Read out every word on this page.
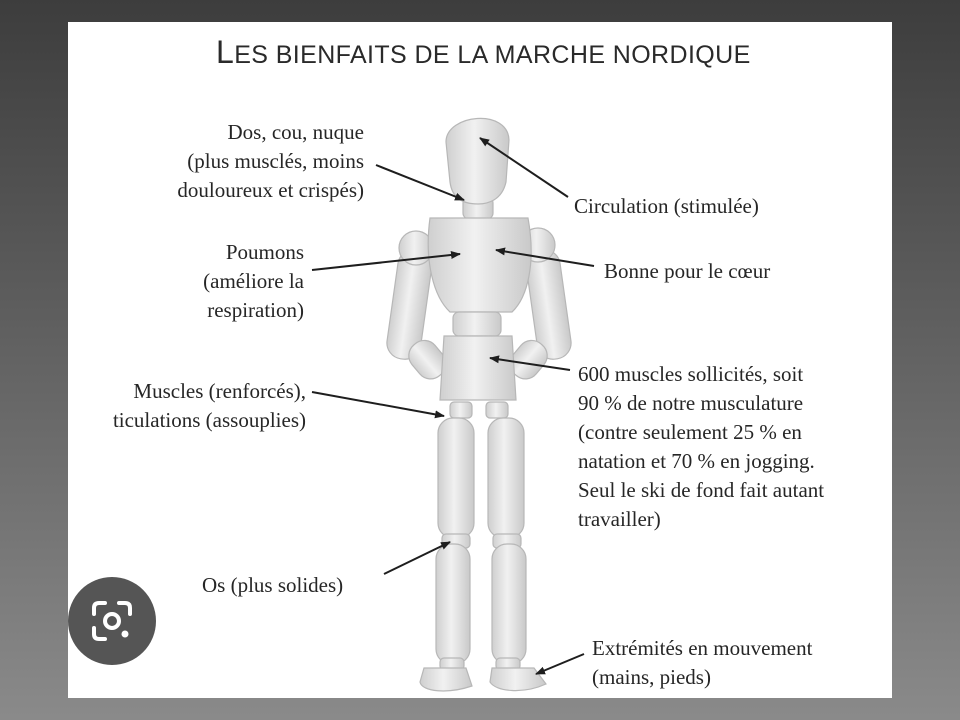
LES BIENFAITS DE LA MARCHE NORDIQUE
Dos, cou, nuque
(plus musclés, moins
douloureux et crispés)
Circulation (stimulée)
Poumons
(améliore la
respiration)
Bonne pour le cœur
Muscles (renforcés),
ticulations (assouplies)
600 muscles sollicités, soit
90 % de notre musculature
(contre seulement 25 % en
natation et 70 % en jogging.
Seul le ski de fond fait autant
travailler)
Os (plus solides)
Extrémités en mouvement
(mains, pieds)
